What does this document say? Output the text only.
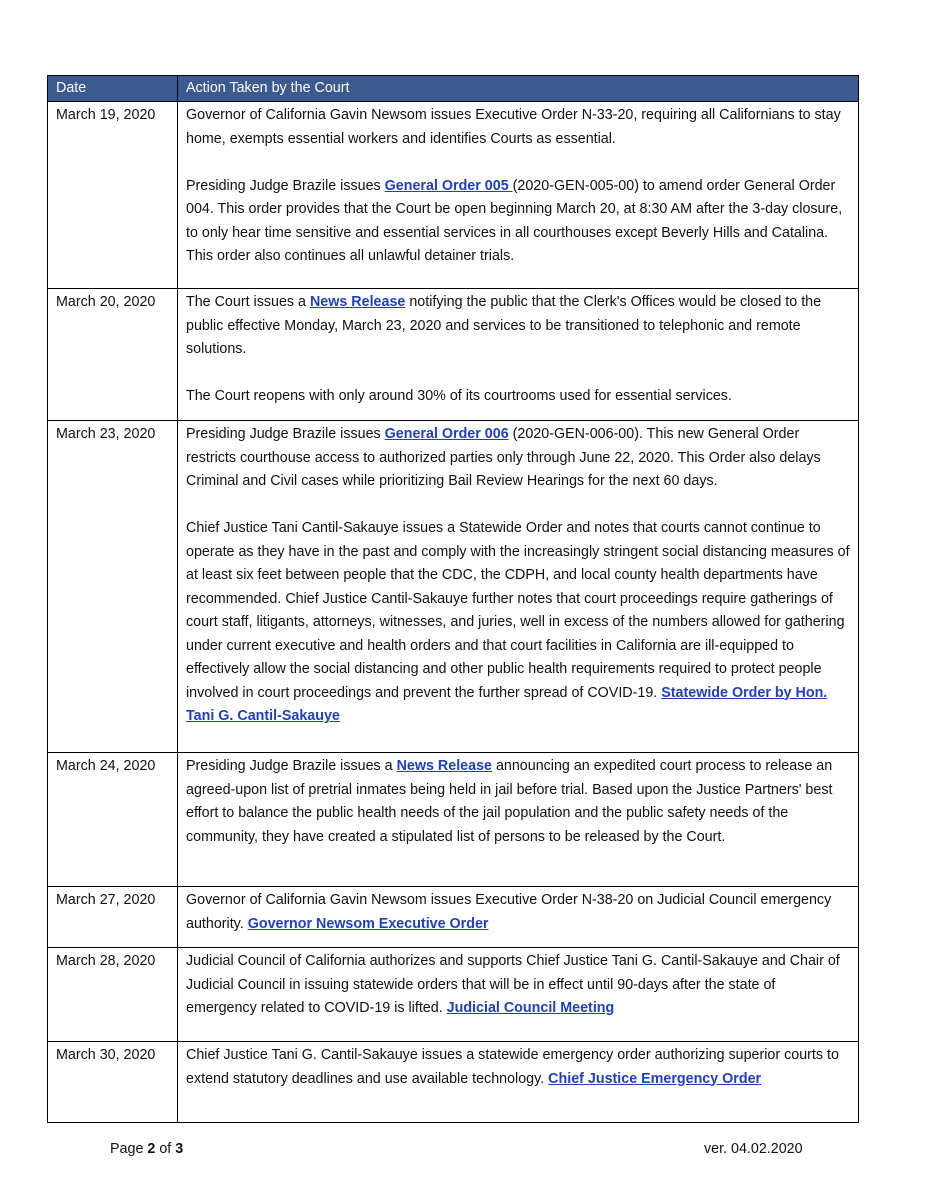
Date	Action Taken by the Court
March 19, 2020	Governor of California Gavin Newsom issues Executive Order N-33-20, requiring all Californians to stay home, exempts essential workers and identifies Courts as essential.

Presiding Judge Brazile issues General Order 005 (2020-GEN-005-00) to amend order General Order 004. This order provides that the Court be open beginning March 20, at 8:30 AM after the 3-day closure, to only hear time sensitive and essential services in all courthouses except Beverly Hills and Catalina. This order also continues all unlawful detainer trials.

March 20, 2020	The Court issues a News Release notifying the public that the Clerk's Offices would be closed to the public effective Monday, March 23, 2020 and services to be transitioned to telephonic and remote solutions.

The Court reopens with only around 30% of its courtrooms used for essential services.

March 23, 2020	Presiding Judge Brazile issues General Order 006 (2020-GEN-006-00). This new General Order restricts courthouse access to authorized parties only through June 22, 2020. This Order also delays Criminal and Civil cases while prioritizing Bail Review Hearings for the next 60 days.

Chief Justice Tani Cantil-Sakauye issues a Statewide Order and notes that courts cannot continue to operate as they have in the past and comply with the increasingly stringent social distancing measures of at least six feet between people that the CDC, the CDPH, and local county health departments have recommended. Chief Justice Cantil-Sakauye further notes that court proceedings require gatherings of court staff, litigants, attorneys, witnesses, and juries, well in excess of the numbers allowed for gathering under current executive and health orders and that court facilities in California are ill-equipped to effectively allow the social distancing and other public health requirements required to protect people involved in court proceedings and prevent the further spread of COVID-19. Statewide Order by Hon. Tani G. Cantil-Sakauye

March 24, 2020	Presiding Judge Brazile issues a News Release announcing an expedited court process to release an agreed-upon list of pretrial inmates being held in jail before trial. Based upon the Justice Partners' best effort to balance the public health needs of the jail population and the public safety needs of the community, they have created a stipulated list of persons to be released by the Court.

March 27, 2020	Governor of California Gavin Newsom issues Executive Order N-38-20 on Judicial Council emergency authority. Governor Newsom Executive Order

March 28, 2020	Judicial Council of California authorizes and supports Chief Justice Tani G. Cantil-Sakauye and Chair of Judicial Council in issuing statewide orders that will be in effect until 90-days after the state of emergency related to COVID-19 is lifted. Judicial Council Meeting

March 30, 2020	Chief Justice Tani G. Cantil-Sakauye issues a statewide emergency order authorizing superior courts to extend statutory deadlines and use available technology. Chief Justice Emergency Order

Page 2 of 3	ver. 04.02.2020
